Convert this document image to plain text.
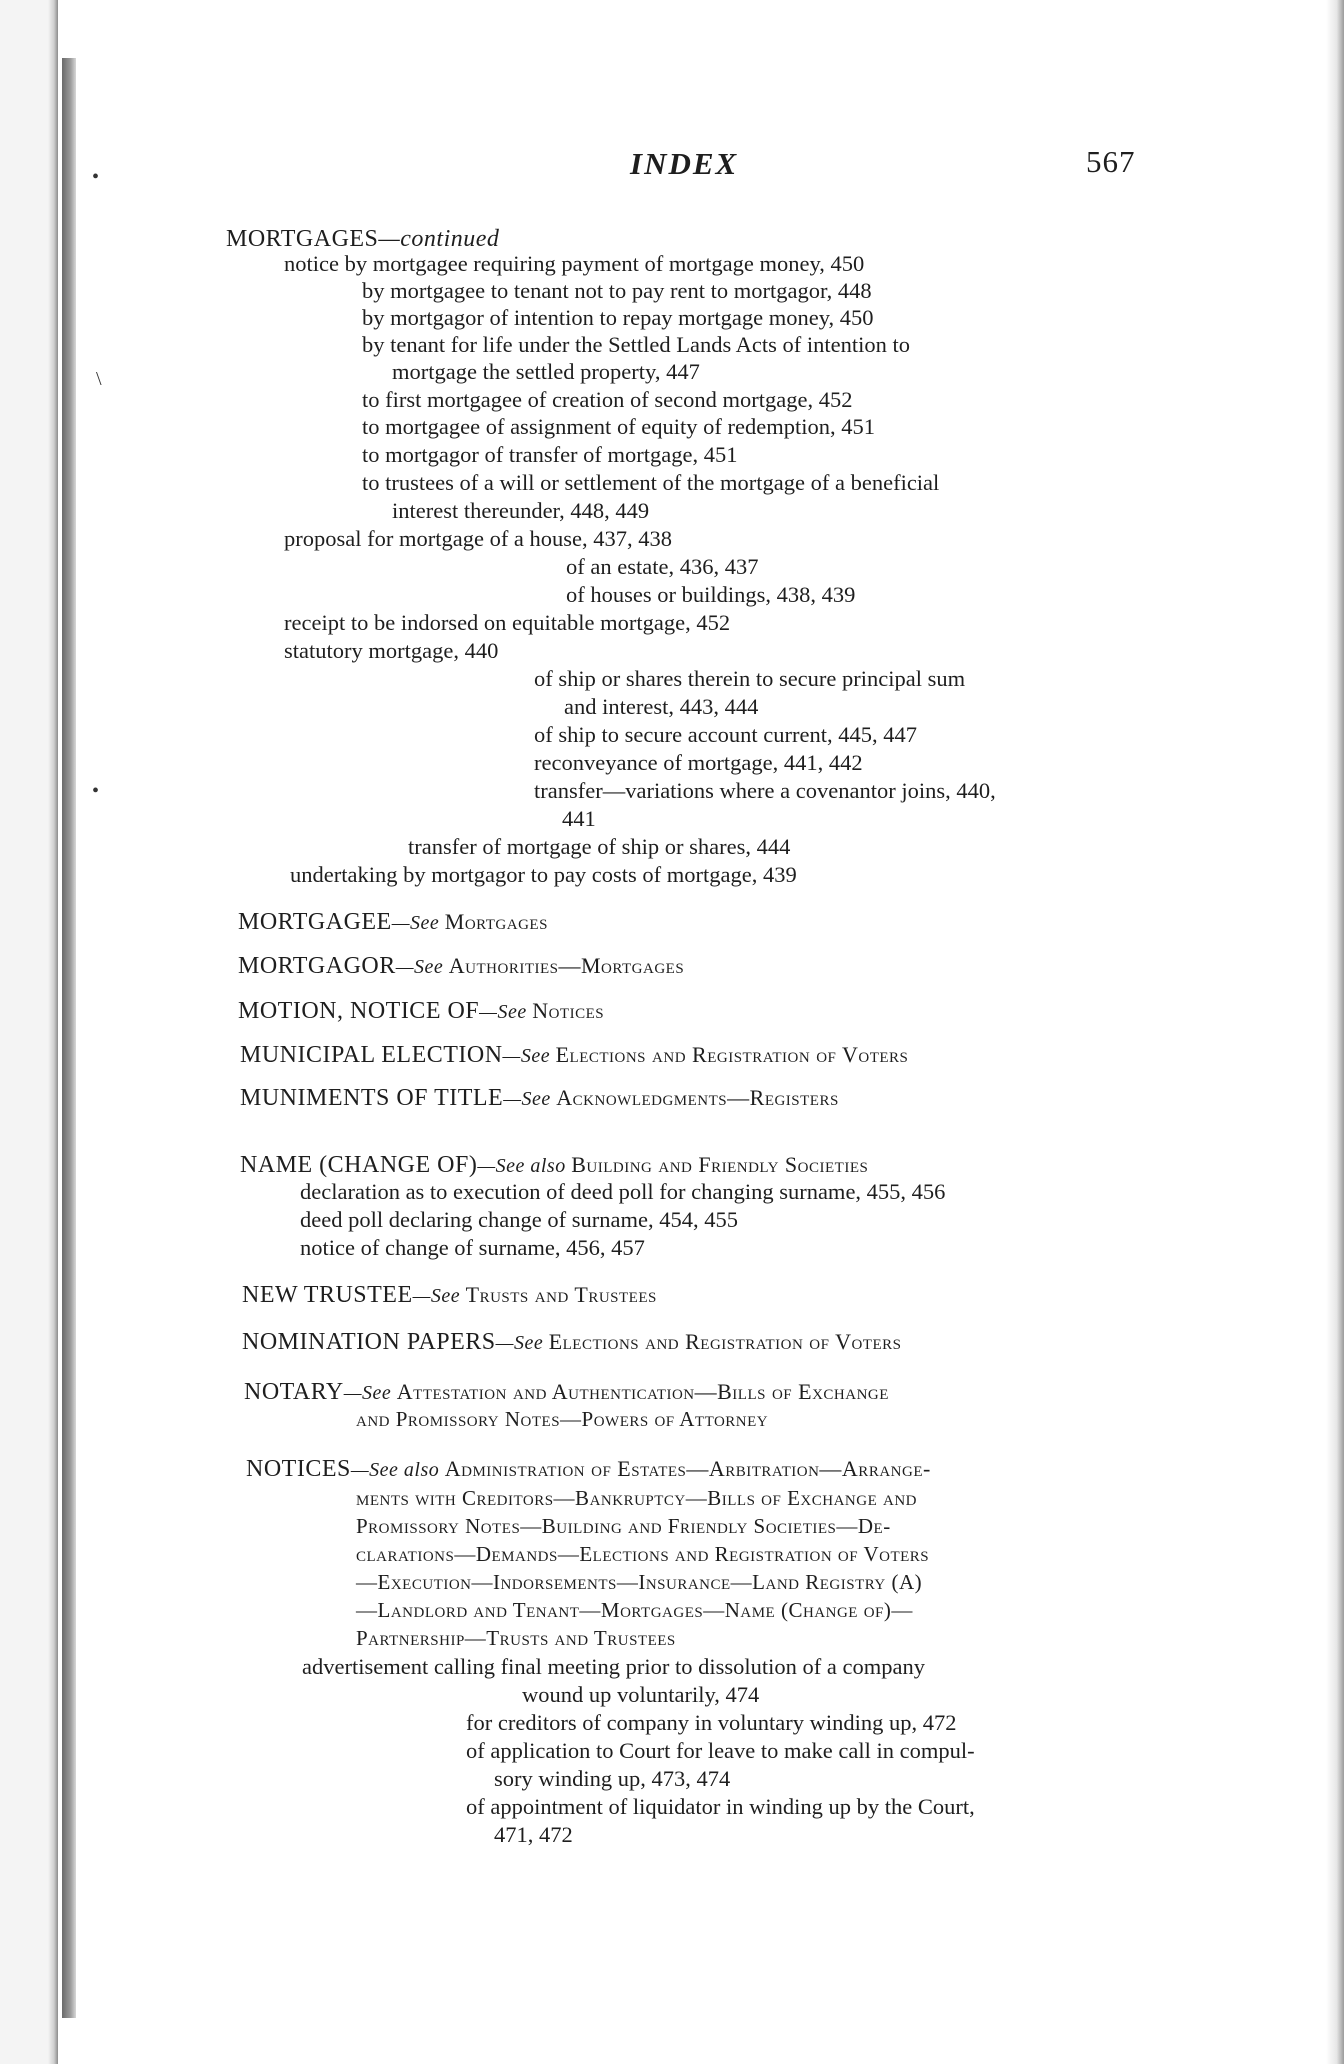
•
•
\
INDEX	567
MORTGAGES—continued
notice by mortgagee requiring payment of mortgage money, 450
by mortgagee to tenant not to pay rent to mortgagor, 448
by mortgagor of intention to repay mortgage money, 450
by tenant for life under the Settled Lands Acts of intention to
mortgage the settled property, 447
to first mortgagee of creation of second mortgage, 452
to mortgagee of assignment of equity of redemption, 451
to mortgagor of transfer of mortgage, 451
to trustees of a will or settlement of the mortgage of a beneficial
interest thereunder, 448, 449
proposal for mortgage of a house, 437, 438
of an estate, 436, 437
of houses or buildings, 438, 439
receipt to be indorsed on equitable mortgage, 452
statutory mortgage, 440
of ship or shares therein to secure principal sum
and interest, 443, 444
of ship to secure account current, 445, 447
reconveyance of mortgage, 441, 442
transfer—variations where a covenantor joins, 440,
441
transfer of mortgage of ship or shares, 444
undertaking by mortgagor to pay costs of mortgage, 439
MORTGAGEE—See Mortgages
MORTGAGOR—See Authorities—Mortgages
MOTION, NOTICE OF—See Notices
MUNICIPAL ELECTION—See Elections and Registration of Voters
MUNIMENTS OF TITLE—See Acknowledgments—Registers
NAME (CHANGE OF)—See also Building and Friendly Societies
declaration as to execution of deed poll for changing surname, 455, 456
deed poll declaring change of surname, 454, 455
notice of change of surname, 456, 457
NEW TRUSTEE—See Trusts and Trustees
NOMINATION PAPERS—See Elections and Registration of Voters
NOTARY—See Attestation and Authentication—Bills of Exchange
and Promissory Notes—Powers of Attorney
NOTICES—See also Administration of Estates—Arbitration—Arrange-
ments with Creditors—Bankruptcy—Bills of Exchange and
Promissory Notes—Building and Friendly Societies—De-
clarations—Demands—Elections and Registration of Voters
—Execution—Indorsements—Insurance—Land Registry (A)
—Landlord and Tenant—Mortgages—Name (Change of)—
Partnership—Trusts and Trustees
advertisement calling final meeting prior to dissolution of a company
wound up voluntarily, 474
for creditors of company in voluntary winding up, 472
of application to Court for leave to make call in compul-
sory winding up, 473, 474
of appointment of liquidator in winding up by the Court,
471, 472
